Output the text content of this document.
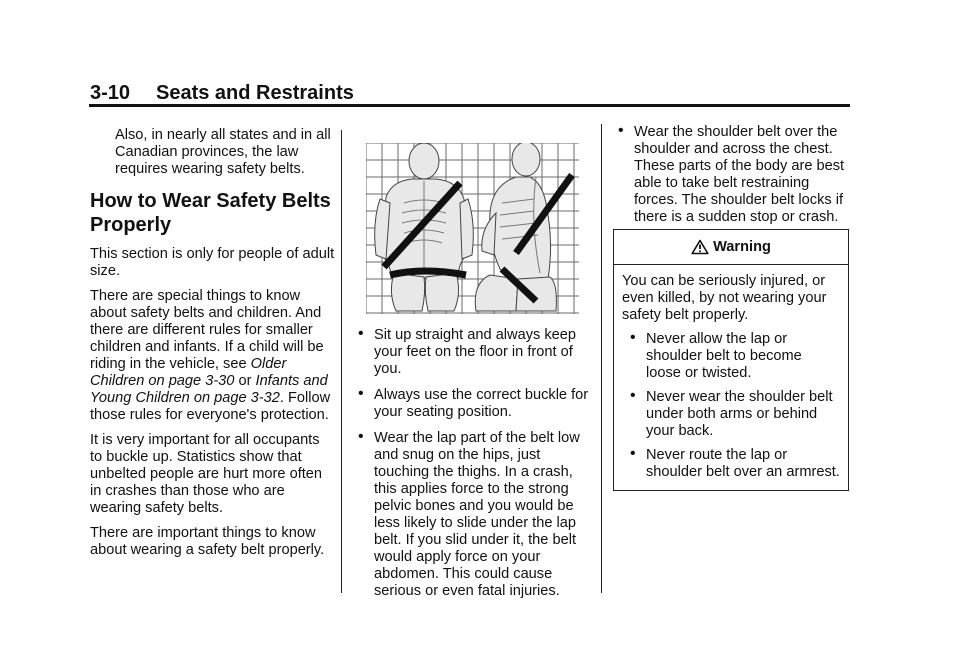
3-10 Seats and Restraints

Also, in nearly all states and in all Canadian provinces, the law requires wearing safety belts.

How to Wear Safety Belts Properly

This section is only for people of adult size.

There are special things to know about safety belts and children. And there are different rules for smaller children and infants. If a child will be riding in the vehicle, see Older Children on page 3-30 or Infants and Young Children on page 3-32. Follow those rules for everyone's protection.

It is very important for all occupants to buckle up. Statistics show that unbelted people are hurt more often in crashes than those who are wearing safety belts.

There are important things to know about wearing a safety belt properly.

• Sit up straight and always keep your feet on the floor in front of you.

• Always use the correct buckle for your seating position.

• Wear the lap part of the belt low and snug on the hips, just touching the thighs. In a crash, this applies force to the strong pelvic bones and you would be less likely to slide under the lap belt. If you slid under it, the belt would apply force on your abdomen. This could cause serious or even fatal injuries.

• Wear the shoulder belt over the shoulder and across the chest. These parts of the body are best able to take belt restraining forces. The shoulder belt locks if there is a sudden stop or crash.

Warning

You can be seriously injured, or even killed, by not wearing your safety belt properly.

• Never allow the lap or shoulder belt to become loose or twisted.

• Never wear the shoulder belt under both arms or behind your back.

• Never route the lap or shoulder belt over an armrest.
